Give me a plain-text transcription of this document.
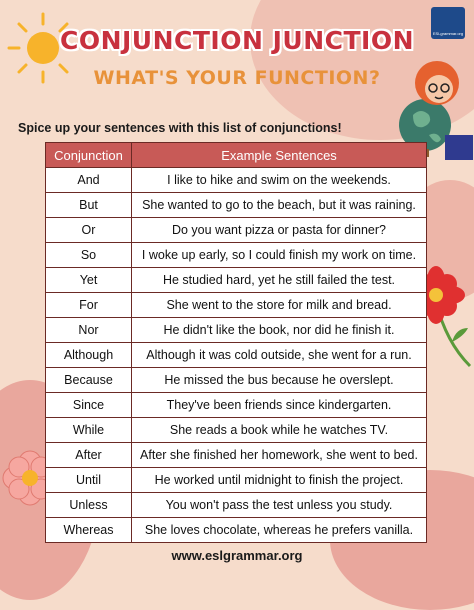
ESLgrammar.org
CONJUNCTION JUNCTION
WHAT'S YOUR FUNCTION?
Spice up your sentences with this list of conjunctions!
Conjunction	Example Sentences
And	I like to hike and swim on the weekends.
But	She wanted to go to the beach, but it was raining.
Or	Do you want pizza or pasta for dinner?
So	I woke up early, so I could finish my work on time.
Yet	He studied hard, yet he still failed the test.
For	She went to the store for milk and bread.
Nor	He didn't like the book, nor did he finish it.
Although	Although it was cold outside, she went for a run.
Because	He missed the bus because he overslept.
Since	They've been friends since kindergarten.
While	She reads a book while he watches TV.
After	After she finished her homework, she went to bed.
Until	He worked until midnight to finish the project.
Unless	You won't pass the test unless you study.
Whereas	She loves chocolate, whereas he prefers vanilla.
www.eslgrammar.org
